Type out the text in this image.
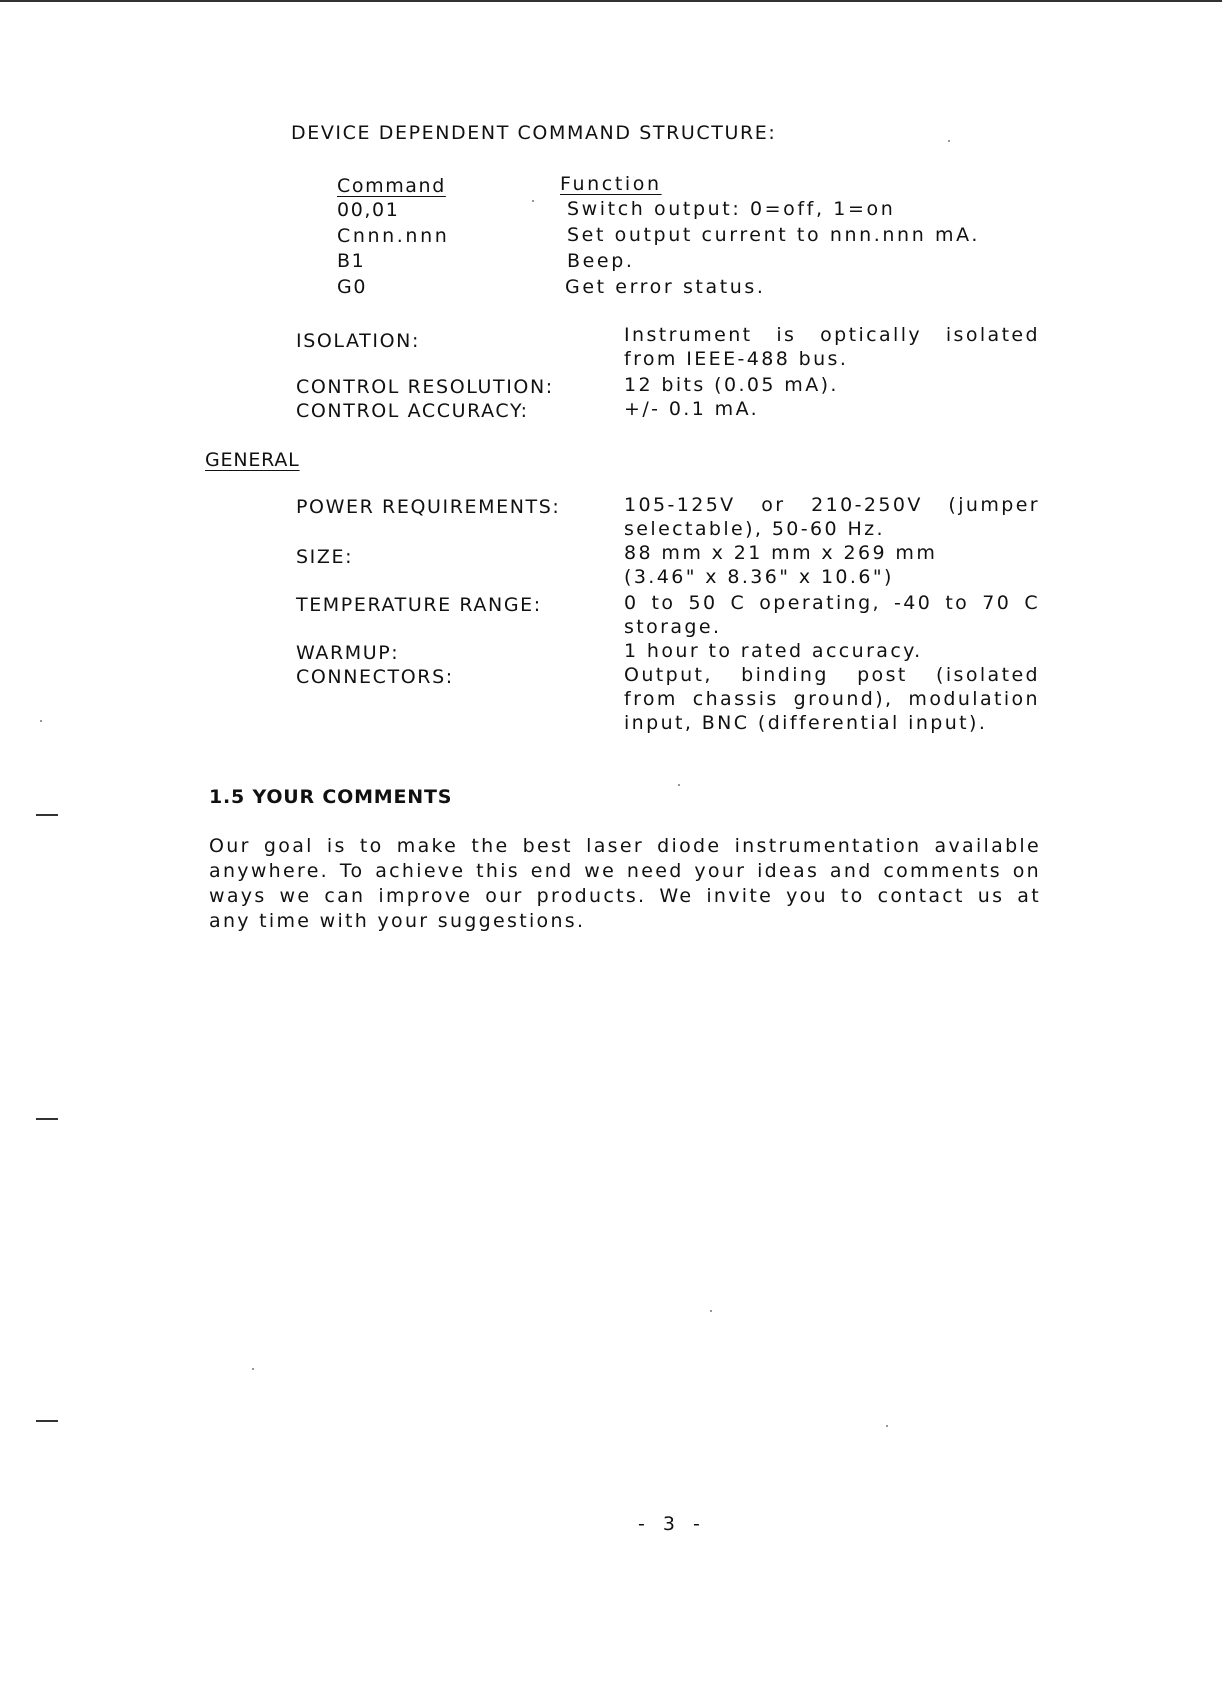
DEVICE DEPENDENT COMMAND STRUCTURE:
Command	Function
00,01	Switch output: 0=off, 1=on
Cnnn.nnn	Set output current to nnn.nnn mA.
B1	Beep.
G0	Get error status.
ISOLATION:	Instrument is optically isolated
from IEEE-488 bus.
CONTROL RESOLUTION:	12 bits (0.05 mA).
CONTROL ACCURACY:	+/- 0.1 mA.
GENERAL
POWER REQUIREMENTS:	105-125V or 210-250V (jumper
selectable), 50-60 Hz.
SIZE:	88 mm x 21 mm x 269 mm
(3.46" x 8.36" x 10.6")
TEMPERATURE RANGE:	0 to 50 C operating, -40 to 70 C
storage.
WARMUP:	1 hour to rated accuracy.
CONNECTORS:	Output, binding post (isolated
from chassis ground), modulation
input, BNC (differential input).
1.5 YOUR COMMENTS
Our goal is to make the best laser diode instrumentation available
anywhere. To achieve this end we need your ideas and comments on
ways we can improve our products. We invite you to contact us at
any time with your suggestions.
- 3 -
